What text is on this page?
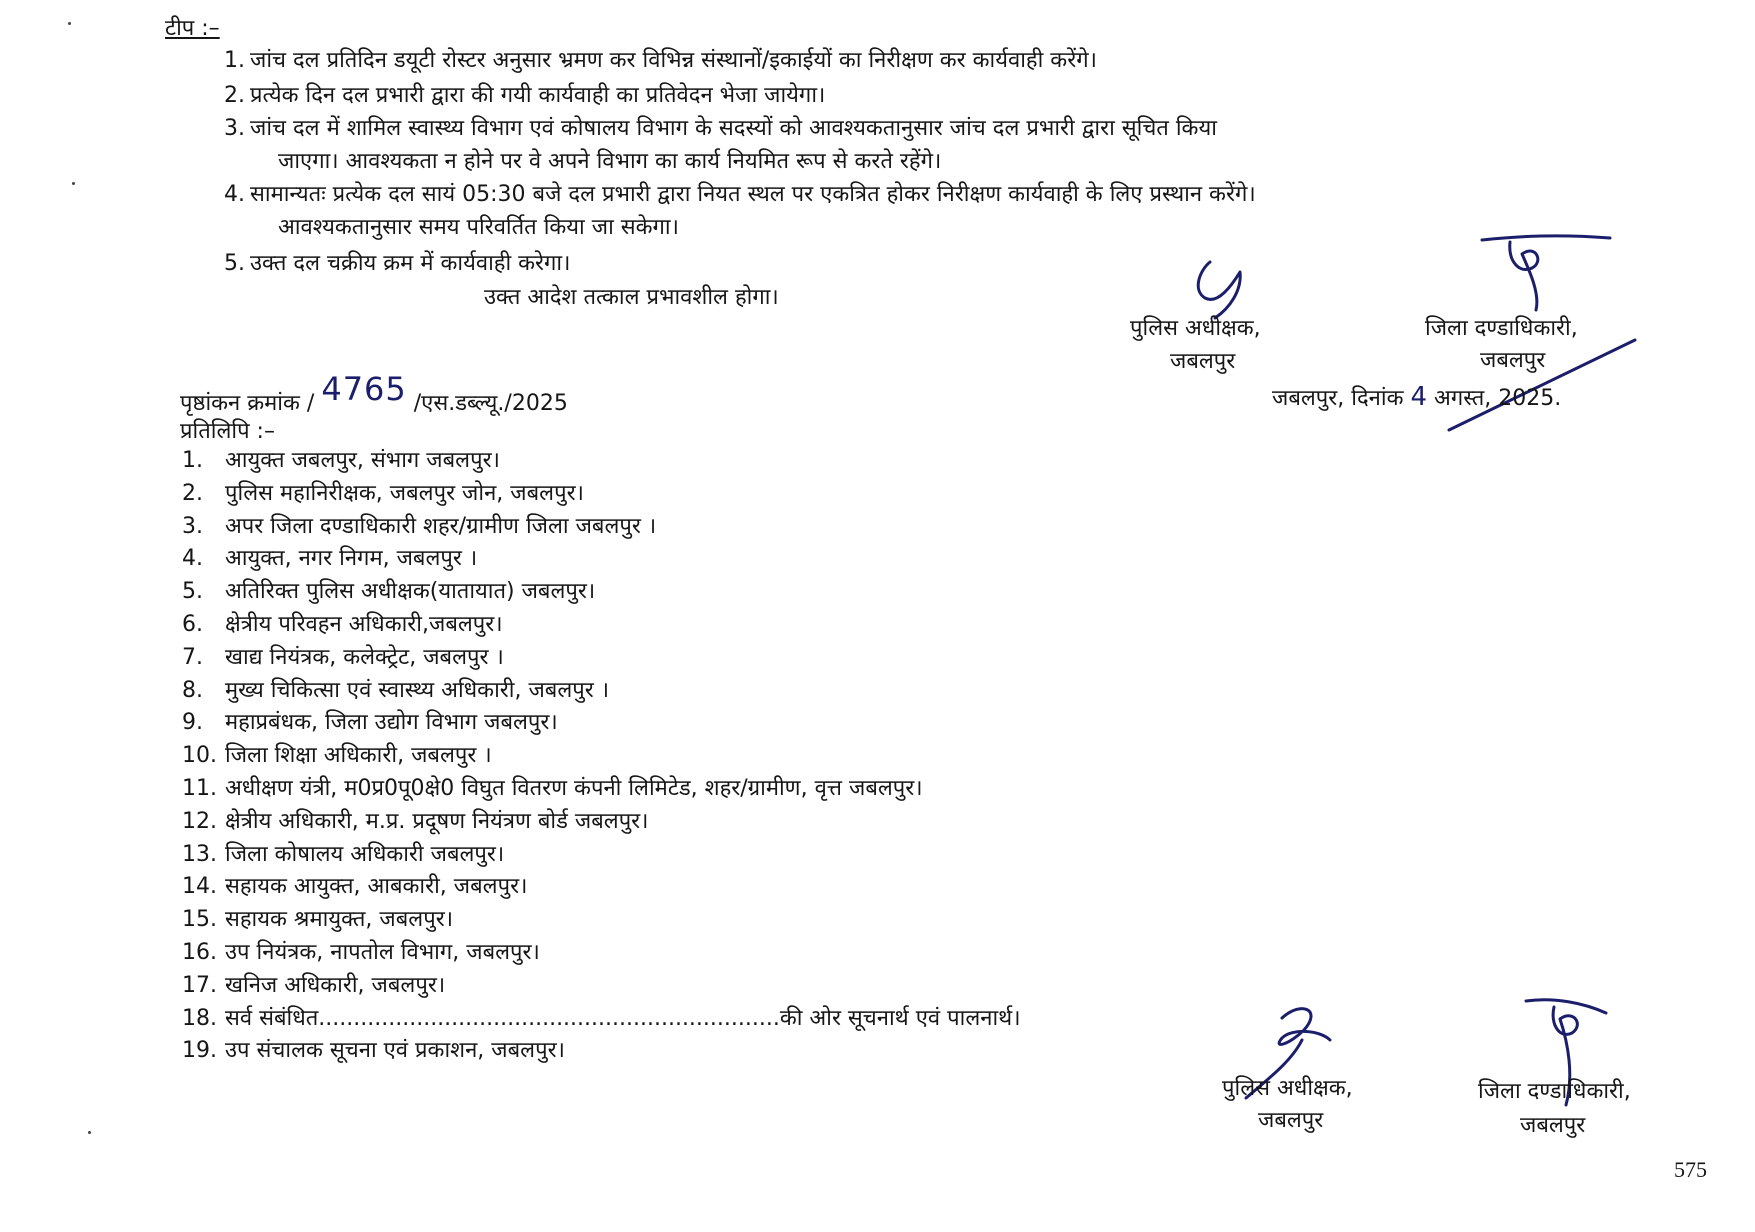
टीप :–
1. जांच दल प्रतिदिन डयूटी रोस्टर अनुसार भ्रमण कर विभिन्न संस्थानों/इकाईयों का निरीक्षण कर कार्यवाही करेंगे।
2. प्रत्येक दिन दल प्रभारी द्वारा की गयी कार्यवाही का प्रतिवेदन भेजा जायेगा।
3. जांच दल में शामिल स्वास्थ्य विभाग एवं कोषालय विभाग के सदस्यों को आवश्यकतानुसार जांच दल प्रभारी द्वारा सूचित किया
जाएगा। आवश्यकता न होने पर वे अपने विभाग का कार्य नियमित रूप से करते रहेंगे।
4. सामान्यतः प्रत्येक दल सायं 05:30 बजे दल प्रभारी द्वारा नियत स्थल पर एकत्रित होकर निरीक्षण कार्यवाही के लिए प्रस्थान करेंगे।
आवश्यकतानुसार समय परिवर्तित किया जा सकेगा।
5. उक्त दल चक्रीय क्रम में कार्यवाही करेगा।
उक्त आदेश तत्काल प्रभावशील होगा।
पुलिस अधीक्षक,
जबलपुर
जिला दण्डाधिकारी,
जबलपुर
पृष्ठांकन क्रमांक / 4765 /एस.डब्ल्यू./2025	जबलपुर, दिनांक 4 अगस्त, 2025.
प्रतिलिपि :–
1. आयुक्त जबलपुर, संभाग जबलपुर।
2. पुलिस महानिरीक्षक, जबलपुर जोन, जबलपुर।
3. अपर जिला दण्डाधिकारी शहर/ग्रामीण जिला जबलपुर ।
4. आयुक्त, नगर निगम, जबलपुर ।
5. अतिरिक्त पुलिस अधीक्षक(यातायात) जबलपुर।
6. क्षेत्रीय परिवहन अधिकारी,जबलपुर।
7. खाद्य नियंत्रक, कलेक्ट्रेट, जबलपुर ।
8. मुख्य चिकित्सा एवं स्वास्थ्य अधिकारी, जबलपुर ।
9. महाप्रबंधक, जिला उद्योग विभाग जबलपुर।
10. जिला शिक्षा अधिकारी, जबलपुर ।
11. अधीक्षण यंत्री, म0प्र0पू0क्षे0 विघुत वितरण कंपनी लिमिटेड, शहर/ग्रामीण, वृत्त जबलपुर।
12. क्षेत्रीय अधिकारी, म.प्र. प्रदूषण नियंत्रण बोर्ड जबलपुर।
13. जिला कोषालय अधिकारी जबलपुर।
14. सहायक आयुक्त, आबकारी, जबलपुर।
15. सहायक श्रमायुक्त, जबलपुर।
16. उप नियंत्रक, नापतोल विभाग, जबलपुर।
17. खनिज अधिकारी, जबलपुर।
18. सर्व संबंधित..................................................................की ओर सूचनार्थ एवं पालनार्थ।
19. उप संचालक सूचना एवं प्रकाशन, जबलपुर।
पुलिस अधीक्षक,
जबलपुर
जिला दण्डाधिकारी,
जबलपुर
575
